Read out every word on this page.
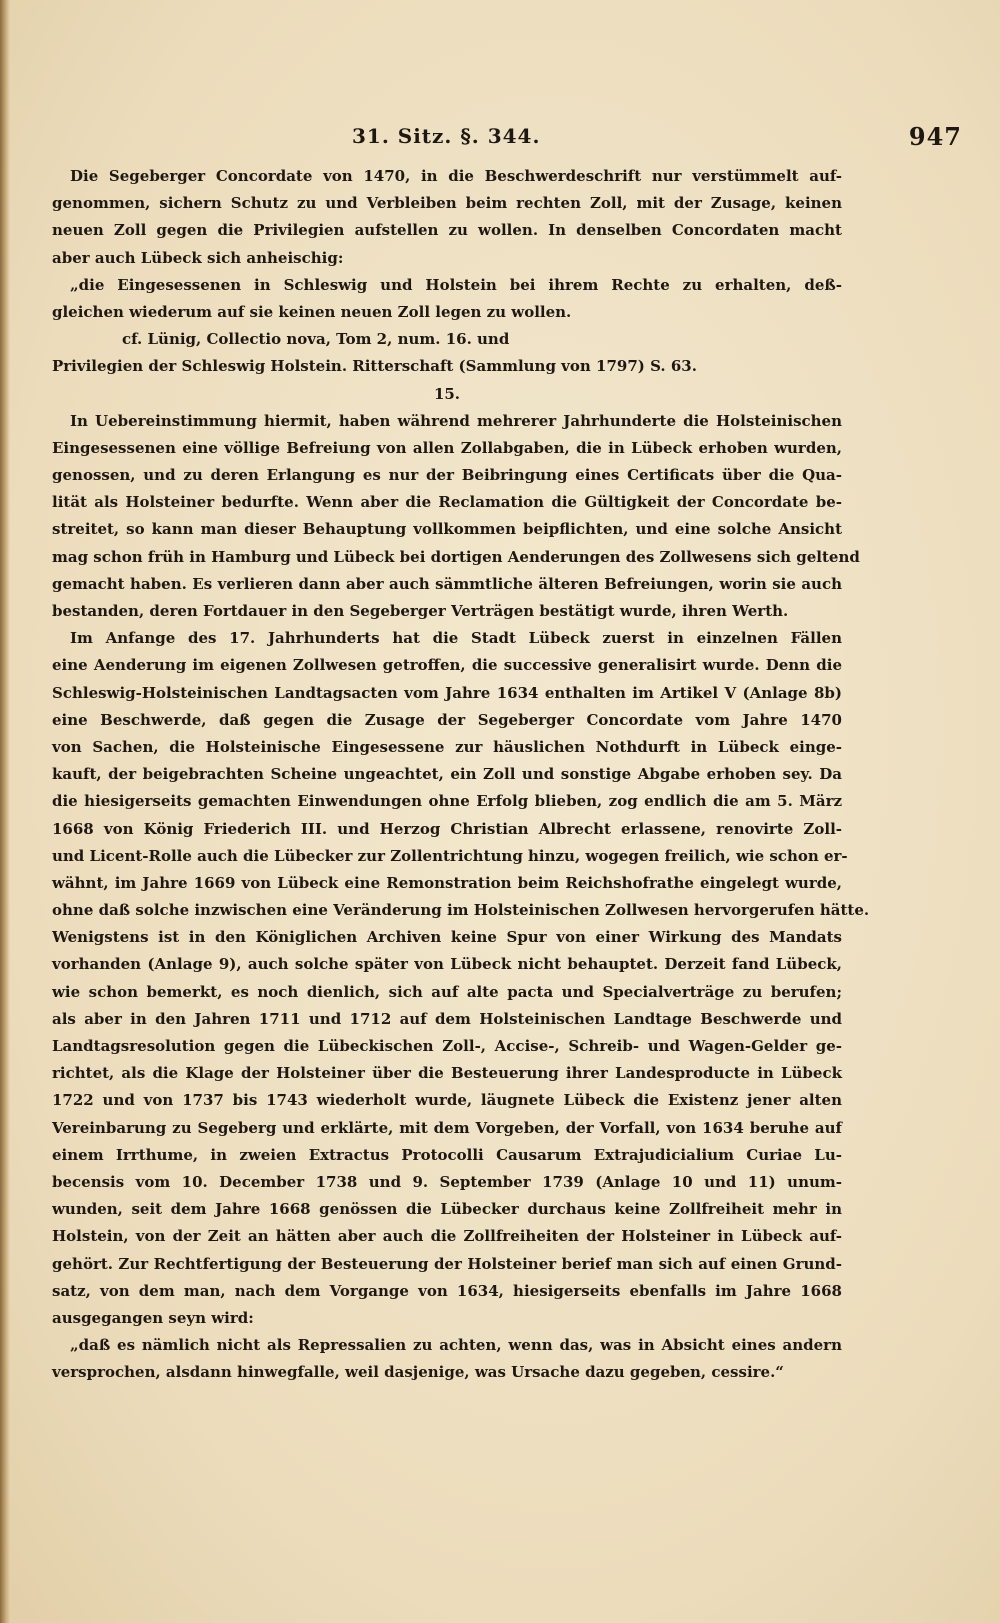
31. Sitz. §. 344.	947
Die Segeberger Concordate von 1470, in die Beschwerdeschrift nur verstümmelt auf-
genommen, sichern Schutz zu und Verbleiben beim rechten Zoll, mit der Zusage, keinen
neuen Zoll gegen die Privilegien aufstellen zu wollen. In denselben Concordaten macht
aber auch Lübeck sich anheischig:
„die Eingesessenen in Schleswig und Holstein bei ihrem Rechte zu erhalten, deß-
gleichen wiederum auf sie keinen neuen Zoll legen zu wollen.
cf. Lünig, Collectio nova, Tom 2, num. 16. und
Privilegien der Schleswig Holstein. Ritterschaft (Sammlung von 1797) S. 63.
15.
In Uebereinstimmung hiermit, haben während mehrerer Jahrhunderte die Holsteinischen
Eingesessenen eine völlige Befreiung von allen Zollabgaben, die in Lübeck erhoben wurden,
genossen, und zu deren Erlangung es nur der Beibringung eines Certificats über die Qua-
lität als Holsteiner bedurfte. Wenn aber die Reclamation die Gültigkeit der Concordate be-
streitet, so kann man dieser Behauptung vollkommen beipflichten, und eine solche Ansicht
mag schon früh in Hamburg und Lübeck bei dortigen Aenderungen des Zollwesens sich geltend
gemacht haben. Es verlieren dann aber auch sämmtliche älteren Befreiungen, worin sie auch
bestanden, deren Fortdauer in den Segeberger Verträgen bestätigt wurde, ihren Werth.
Im Anfange des 17. Jahrhunderts hat die Stadt Lübeck zuerst in einzelnen Fällen
eine Aenderung im eigenen Zollwesen getroffen, die successive generalisirt wurde. Denn die
Schleswig-Holsteinischen Landtagsacten vom Jahre 1634 enthalten im Artikel V (Anlage 8b)
eine Beschwerde, daß gegen die Zusage der Segeberger Concordate vom Jahre 1470
von Sachen, die Holsteinische Eingesessene zur häuslichen Nothdurft in Lübeck einge-
kauft, der beigebrachten Scheine ungeachtet, ein Zoll und sonstige Abgabe erhoben sey. Da
die hiesigerseits gemachten Einwendungen ohne Erfolg blieben, zog endlich die am 5. März
1668 von König Friederich III. und Herzog Christian Albrecht erlassene, renovirte Zoll-
und Licent-Rolle auch die Lübecker zur Zollentrichtung hinzu, wogegen freilich, wie schon er-
wähnt, im Jahre 1669 von Lübeck eine Remonstration beim Reichshofrathe eingelegt wurde,
ohne daß solche inzwischen eine Veränderung im Holsteinischen Zollwesen hervorgerufen hätte.
Wenigstens ist in den Königlichen Archiven keine Spur von einer Wirkung des Mandats
vorhanden (Anlage 9), auch solche später von Lübeck nicht behauptet. Derzeit fand Lübeck,
wie schon bemerkt, es noch dienlich, sich auf alte pacta und Specialverträge zu berufen;
als aber in den Jahren 1711 und 1712 auf dem Holsteinischen Landtage Beschwerde und
Landtagsresolution gegen die Lübeckischen Zoll-, Accise-, Schreib- und Wagen-Gelder ge-
richtet, als die Klage der Holsteiner über die Besteuerung ihrer Landesproducte in Lübeck
1722 und von 1737 bis 1743 wiederholt wurde, läugnete Lübeck die Existenz jener alten
Vereinbarung zu Segeberg und erklärte, mit dem Vorgeben, der Vorfall, von 1634 beruhe auf
einem Irrthume, in zweien Extractus Protocolli Causarum Extrajudicialium Curiae Lu-
becensis vom 10. December 1738 und 9. September 1739 (Anlage 10 und 11) unum-
wunden, seit dem Jahre 1668 genössen die Lübecker durchaus keine Zollfreiheit mehr in
Holstein, von der Zeit an hätten aber auch die Zollfreiheiten der Holsteiner in Lübeck auf-
gehört. Zur Rechtfertigung der Besteuerung der Holsteiner berief man sich auf einen Grund-
satz, von dem man, nach dem Vorgange von 1634, hiesigerseits ebenfalls im Jahre 1668
ausgegangen seyn wird:
„daß es nämlich nicht als Repressalien zu achten, wenn das, was in Absicht eines andern
versprochen, alsdann hinwegfalle, weil dasjenige, was Ursache dazu gegeben, cessire.“
